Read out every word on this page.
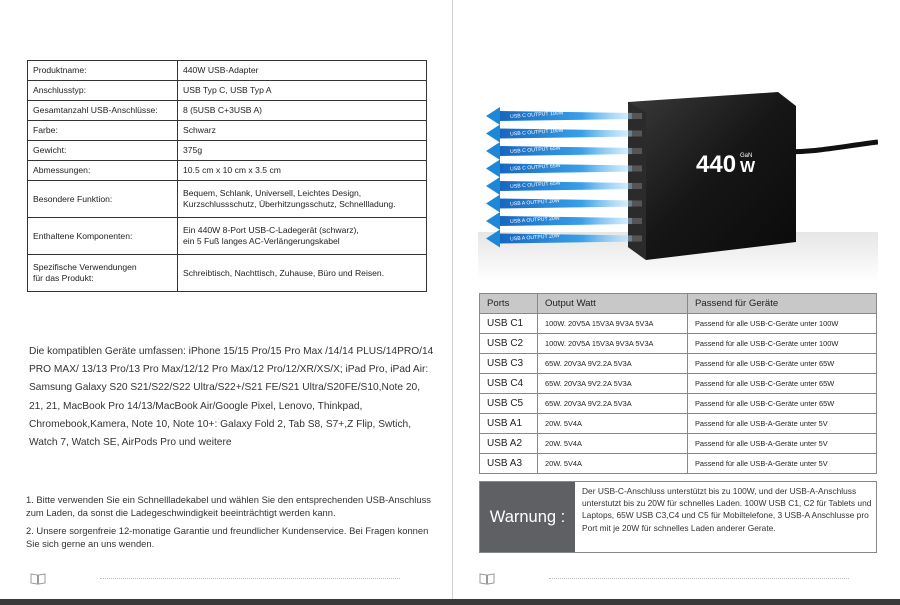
Produktname:	440W USB-Adapter
Anschlusstyp:	USB Typ C, USB Typ A
Gesamtanzahl USB-Anschlüsse:	8 (5USB C+3USB A)
Farbe:	Schwarz
Gewicht:	375g
Abmessungen:	10.5 cm x 10 cm x 3.5 cm
Besondere Funktion:	Bequem, Schlank, Universell, Leichtes Design,
Kurzschlussschutz, Überhitzungsschutz, Schnellladung.

Enthaltene Komponenten:	Ein 440W 8-Port USB-C-Ladegerät (schwarz),
ein 5 Fuß langes AC-Verlängerungskabel

Spezifische Verwendungen
für das Produkt:	Schreibtisch, Nachttisch, Zuhause, Büro und Reisen.

Die kompatiblen Geräte umfassen: iPhone 15/15 Pro/15 Pro Max /14/14 PLUS/14PRO/14 PRO MAX/ 13/13 Pro/13 Pro Max/12/12 Pro Max/12 Pro/12/XR/XS/X; iPad Pro, iPad Air: Samsung Galaxy S20 S21/S22/S22 Ultra/S22+/S21 FE/S21 Ultra/S20FE/S10,Note 20, 21, 21, MacBook Pro 14/13/MacBook Air/Google Pixel, Lenovo, Thinkpad, Chromebook,Kamera, Note 10, Note 10+: Galaxy Fold 2, Tab S8, S7+,Z Flip, Swtich, Watch 7, Watch SE, AirPods Pro und weitere

1. Bitte verwenden Sie ein Schnellladekabel und wählen Sie den entsprechenden USB-Anschluss zum Laden, da sonst die Ladegeschwindigkeit beeinträchtigt werden kann.

2. Unsere sorgenfreie 12-monatige Garantie und freundlicher Kundenservice. Bei Fragen konnen Sie sich gerne an uns wenden.

440 W
GaN
USB C OUTPUT 100W
USB C OUTPUT 100W
USB C OUTPUT 65W
USB C OUTPUT 65W
USB C OUTPUT 65W
USB A OUTPUT 20W
USB A OUTPUT 20W
USB A OUTPUT 20W
Ports	Output Watt	Passend für Geräte
USB C1	100W. 20V5A 15V3A 9V3A 5V3A	Passend für alle USB-C-Geräte unter 100W
USB C2	100W. 20V5A 15V3A 9V3A 5V3A	Passend für alle USB-C-Geräte unter 100W
USB C3	65W. 20V3A 9V2.2A 5V3A	Passend für alle USB-C-Geräte unter 65W
USB C4	65W. 20V3A 9V2.2A 5V3A	Passend für alle USB-C-Geräte unter 65W
USB C5	65W. 20V3A 9V2.2A 5V3A	Passend für alle USB-C-Geräte unter 65W
USB A1	20W. 5V4A	Passend für alle USB-A-Geräte unter 5V
USB A2	20W. 5V4A	Passend für alle USB-A-Geräte unter 5V
USB A3	20W. 5V4A	Passend für alle USB-A-Geräte unter 5V
Warnung :

Der USB-C-Anschluss unterstützt bis zu 100W, und der USB-A-Anschluss unterstutzt bis zu 20W für schnelles Laden. 100W USB C1, C2 für Tablets und Laptops, 65W USB C3,C4 und C5 für Mobiltelefone, 3 USB-A Anschlusse pro Port mit je 20W für schnelles Laden anderer Gerate.
